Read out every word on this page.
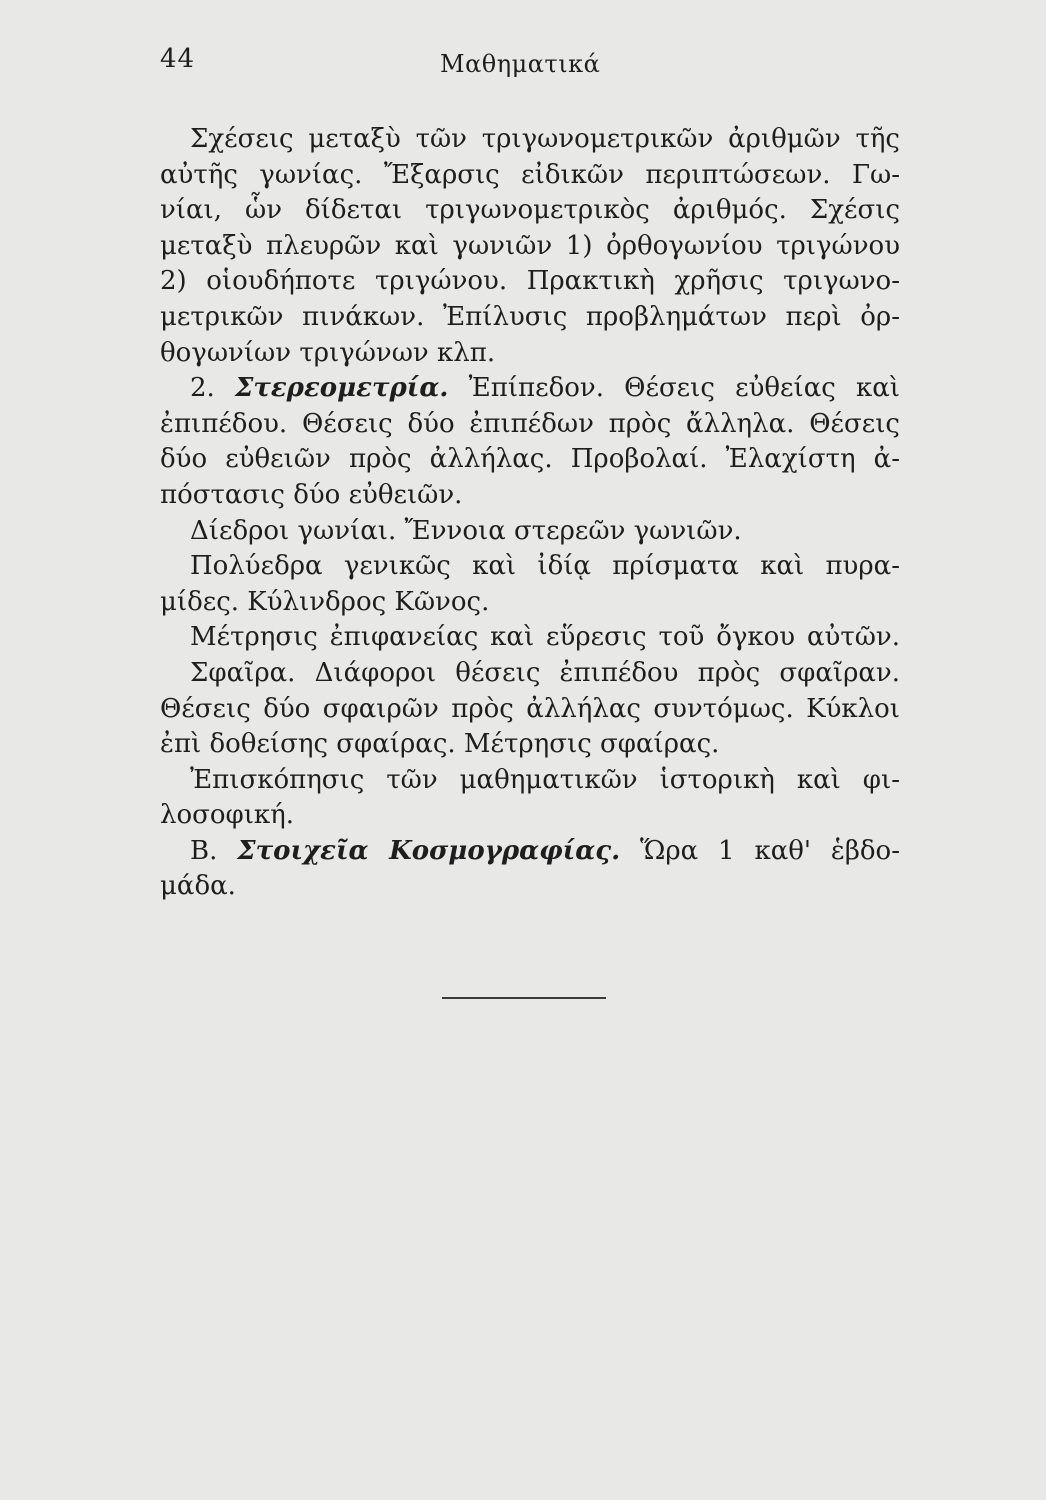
44	Μαθηματικά
Σχέσεις μεταξὺ τῶν τριγωνομετρικῶν ἀριθμῶν τῆς
αὐτῆς γωνίας. Ἔξαρσις εἰδικῶν περιπτώσεων. Γω-
νίαι, ὧν δίδεται τριγωνομετρικὸς ἀριθμός. Σχέσις
μεταξὺ πλευρῶν καὶ γωνιῶν 1) ὀρθογωνίου τριγώνου
2) οἱουδήποτε τριγώνου. Πρακτικὴ χρῆσις τριγωνο-
μετρικῶν πινάκων. Ἐπίλυσις προβλημάτων περὶ ὀρ-
θογωνίων τριγώνων κλπ.
2. Στερεομετρία. Ἐπίπεδον. Θέσεις εὐθείας καὶ
ἐπιπέδου. Θέσεις δύο ἐπιπέδων πρὸς ἄλληλα. Θέσεις
δύο εὐθειῶν πρὸς ἀλλήλας. Προβολαί. Ἐλαχίστη ἀ-
πόστασις δύο εὐθειῶν.
Δίεδροι γωνίαι. Ἔννοια στερεῶν γωνιῶν.
Πολύεδρα γενικῶς καὶ ἰδίᾳ πρίσματα καὶ πυρα-
μίδες. Κύλινδρος Κῶνος.
Μέτρησις ἐπιφανείας καὶ εὕρεσις τοῦ ὄγκου αὐτῶν.
Σφαῖρα. Διάφοροι θέσεις ἐπιπέδου πρὸς σφαῖραν.
Θέσεις δύο σφαιρῶν πρὸς ἀλλήλας συντόμως. Κύκλοι
ἐπὶ δοθείσης σφαίρας. Μέτρησις σφαίρας.
Ἐπισκόπησις τῶν μαθηματικῶν ἱστορικὴ καὶ φι-
λοσοφική.
B. Στοιχεῖα Κοσμογραφίας. Ὥρα 1 καθ' ἑβδο-
μάδα.
